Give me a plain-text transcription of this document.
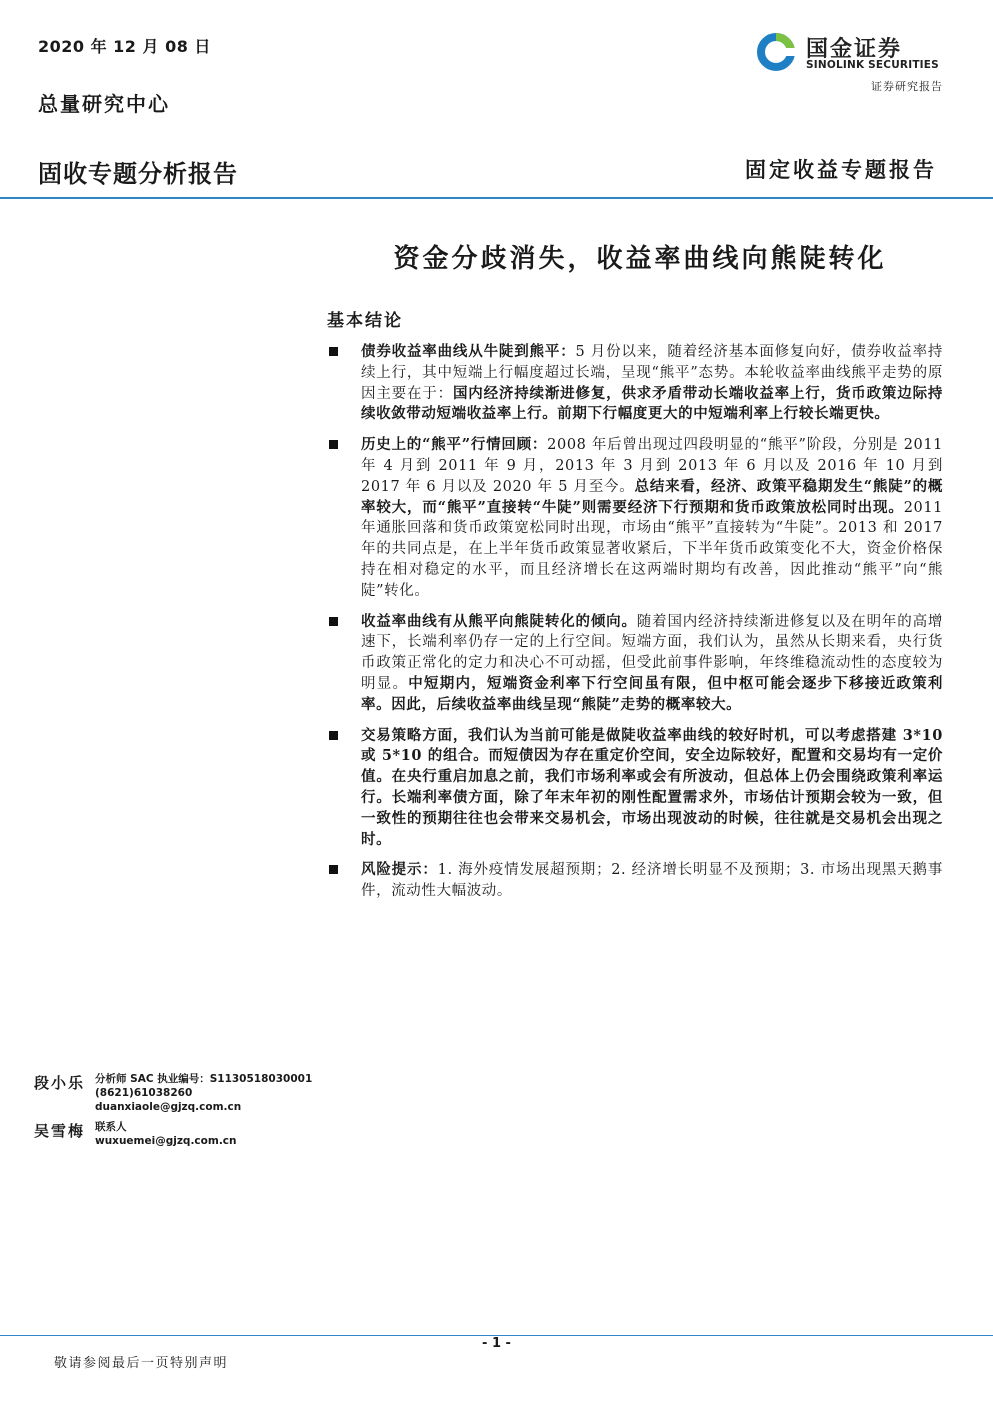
2020 年 12 月 08 日
总量研究中心
固收专题分析报告	固定收益专题报告
国金证券
SINOLINK SECURITIES
证券研究报告
资金分歧消失，收益率曲线向熊陡转化
基本结论
债券收益率曲线从牛陡到熊平：5 月份以来，随着经济基本面修复向好，债券收益率持续上行，其中短端上行幅度超过长端，呈现“熊平”态势。本轮收益率曲线熊平走势的原因主要在于：国内经济持续渐进修复，供求矛盾带动长端收益率上行，货币政策边际持续收敛带动短端收益率上行。前期下行幅度更大的中短端利率上行较长端更快。
历史上的“熊平”行情回顾：2008 年后曾出现过四段明显的“熊平”阶段，分别是 2011 年 4 月到 2011 年 9 月，2013 年 3 月到 2013 年 6 月以及 2016 年 10 月到 2017 年 6 月以及 2020 年 5 月至今。总结来看，经济、政策平稳期发生“熊陡”的概率较大，而“熊平”直接转“牛陡”则需要经济下行预期和货币政策放松同时出现。2011 年通胀回落和货币政策宽松同时出现，市场由“熊平”直接转为“牛陡”。2013 和 2017 年的共同点是，在上半年货币政策显著收紧后，下半年货币政策变化不大，资金价格保持在相对稳定的水平，而且经济增长在这两端时期均有改善，因此推动“熊平”向“熊陡”转化。
收益率曲线有从熊平向熊陡转化的倾向。随着国内经济持续渐进修复以及在明年的高增速下，长端利率仍存一定的上行空间。短端方面，我们认为，虽然从长期来看，央行货币政策正常化的定力和决心不可动摇，但受此前事件影响，年终维稳流动性的态度较为明显。中短期内，短端资金利率下行空间虽有限，但中枢可能会逐步下移接近政策利率。因此，后续收益率曲线呈现“熊陡”走势的概率较大。
交易策略方面，我们认为当前可能是做陡收益率曲线的较好时机，可以考虑搭建 3*10 或 5*10 的组合。而短债因为存在重定价空间，安全边际较好，配置和交易均有一定价值。在央行重启加息之前，我们市场利率或会有所波动，但总体上仍会围绕政策利率运行。长端利率债方面，除了年末年初的刚性配置需求外，市场估计预期会较为一致，但一致性的预期往往也会带来交易机会，市场出现波动的时候，往往就是交易机会出现之时。
风险提示：1. 海外疫情发展超预期；2. 经济增长明显不及预期；3. 市场出现黑天鹅事件，流动性大幅波动。
段小乐 分析师 SAC 执业编号：S1130518030001
(8621)61038260
duanxiaole@gjzq.com.cn
吴雪梅 联系人
wuxuemei@gjzq.com.cn
- 1 -
敬请参阅最后一页特别声明
